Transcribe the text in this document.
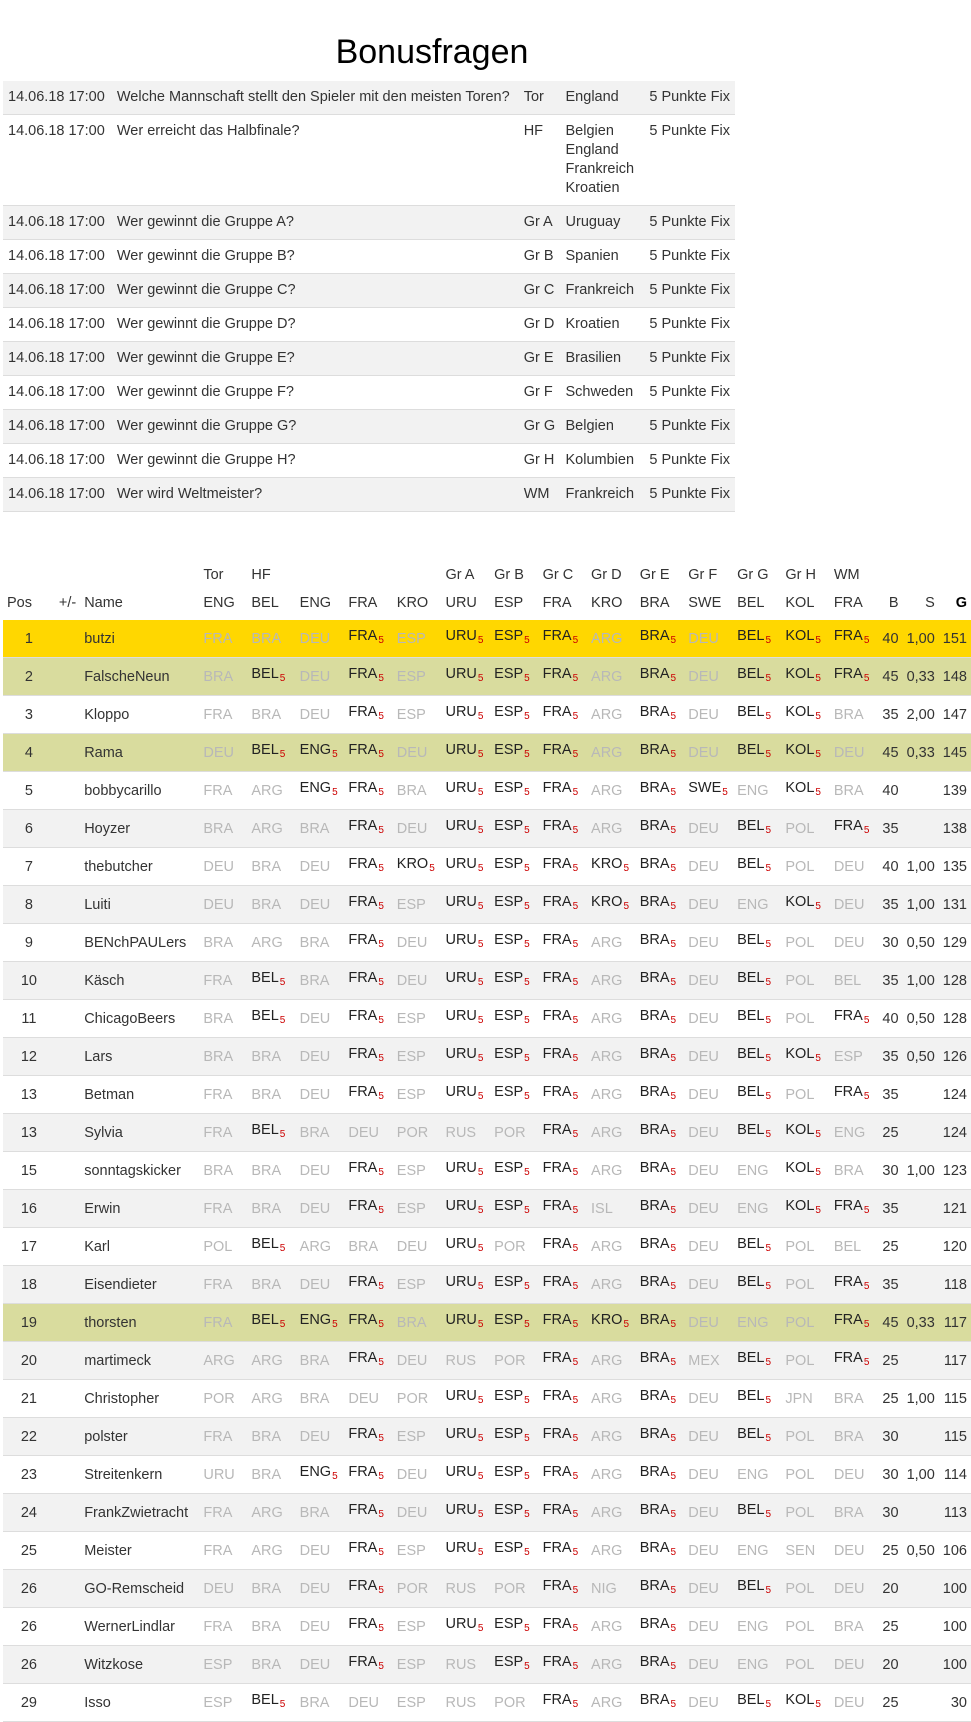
Bonusfragen
14.06.18 17:00	Welche Mannschaft stellt den Spieler mit den meisten Toren?	Tor	England	5 Punkte Fix
14.06.18 17:00	Wer erreicht das Halbfinale?	HF	Belgien
England
Frankreich
Kroatien	5 Punkte Fix
14.06.18 17:00	Wer gewinnt die Gruppe A?	Gr A	Uruguay	5 Punkte Fix
14.06.18 17:00	Wer gewinnt die Gruppe B?	Gr B	Spanien	5 Punkte Fix
14.06.18 17:00	Wer gewinnt die Gruppe C?	Gr C	Frankreich	5 Punkte Fix
14.06.18 17:00	Wer gewinnt die Gruppe D?	Gr D	Kroatien	5 Punkte Fix
14.06.18 17:00	Wer gewinnt die Gruppe E?	Gr E	Brasilien	5 Punkte Fix
14.06.18 17:00	Wer gewinnt die Gruppe F?	Gr F	Schweden	5 Punkte Fix
14.06.18 17:00	Wer gewinnt die Gruppe G?	Gr G	Belgien	5 Punkte Fix
14.06.18 17:00	Wer gewinnt die Gruppe H?	Gr H	Kolumbien	5 Punkte Fix
14.06.18 17:00	Wer wird Weltmeister?	WM	Frankreich	5 Punkte Fix
			Tor	HF				Gr A	Gr B	Gr C	Gr D	Gr E	Gr F	Gr G	Gr H	WM			
Pos	+/-	Name	ENG	BEL	ENG	FRA	KRO	URU	ESP	FRA	KRO	BRA	SWE	BEL	KOL	FRA	B	S	G
1		butzi	FRA	BRA	DEU	$FRA_5$	ESP	$URU_5$	$ESP_5$	$FRA_5$	ARG	$BRA_5$	DEU	$BEL_5$	$KOL_5$	$FRA_5$	40	1,00	151
2		FalscheNeun	BRA	$BEL_5$	DEU	$FRA_5$	ESP	$URU_5$	$ESP_5$	$FRA_5$	ARG	$BRA_5$	DEU	$BEL_5$	$KOL_5$	$FRA_5$	45	0,33	148
3		Kloppo	FRA	BRA	DEU	$FRA_5$	ESP	$URU_5$	$ESP_5$	$FRA_5$	ARG	$BRA_5$	DEU	$BEL_5$	$KOL_5$	BRA	35	2,00	147
4		Rama	DEU	$BEL_5$	$ENG_5$	$FRA_5$	DEU	$URU_5$	$ESP_5$	$FRA_5$	ARG	$BRA_5$	DEU	$BEL_5$	$KOL_5$	DEU	45	0,33	145
5		bobbycarillo	FRA	ARG	$ENG_5$	$FRA_5$	BRA	$URU_5$	$ESP_5$	$FRA_5$	ARG	$BRA_5$	$SWE_5$	ENG	$KOL_5$	BRA	40		139
6		Hoyzer	BRA	ARG	BRA	$FRA_5$	DEU	$URU_5$	$ESP_5$	$FRA_5$	ARG	$BRA_5$	DEU	$BEL_5$	POL	$FRA_5$	35		138
7		thebutcher	DEU	BRA	DEU	$FRA_5$	$KRO_5$	$URU_5$	$ESP_5$	$FRA_5$	$KRO_5$	$BRA_5$	DEU	$BEL_5$	POL	DEU	40	1,00	135
8		Luiti	DEU	BRA	DEU	$FRA_5$	ESP	$URU_5$	$ESP_5$	$FRA_5$	$KRO_5$	$BRA_5$	DEU	ENG	$KOL_5$	DEU	35	1,00	131
9		BENchPAULers	BRA	ARG	BRA	$FRA_5$	DEU	$URU_5$	$ESP_5$	$FRA_5$	ARG	$BRA_5$	DEU	$BEL_5$	POL	DEU	30	0,50	129
10		Käsch	FRA	$BEL_5$	BRA	$FRA_5$	DEU	$URU_5$	$ESP_5$	$FRA_5$	ARG	$BRA_5$	DEU	$BEL_5$	POL	BEL	35	1,00	128
11		ChicagoBeers	BRA	$BEL_5$	DEU	$FRA_5$	ESP	$URU_5$	$ESP_5$	$FRA_5$	ARG	$BRA_5$	DEU	$BEL_5$	POL	$FRA_5$	40	0,50	128
12		Lars	BRA	BRA	DEU	$FRA_5$	ESP	$URU_5$	$ESP_5$	$FRA_5$	ARG	$BRA_5$	DEU	$BEL_5$	$KOL_5$	ESP	35	0,50	126
13		Betman	FRA	BRA	DEU	$FRA_5$	ESP	$URU_5$	$ESP_5$	$FRA_5$	ARG	$BRA_5$	DEU	$BEL_5$	POL	$FRA_5$	35		124
13		Sylvia	FRA	$BEL_5$	BRA	DEU	POR	RUS	POR	$FRA_5$	ARG	$BRA_5$	DEU	$BEL_5$	$KOL_5$	ENG	25		124
15		sonntagskicker	BRA	BRA	DEU	$FRA_5$	ESP	$URU_5$	$ESP_5$	$FRA_5$	ARG	$BRA_5$	DEU	ENG	$KOL_5$	BRA	30	1,00	123
16		Erwin	FRA	BRA	DEU	$FRA_5$	ESP	$URU_5$	$ESP_5$	$FRA_5$	ISL	$BRA_5$	DEU	ENG	$KOL_5$	$FRA_5$	35		121
17		Karl	POL	$BEL_5$	ARG	BRA	DEU	$URU_5$	POR	$FRA_5$	ARG	$BRA_5$	DEU	$BEL_5$	POL	BEL	25		120
18		Eisendieter	FRA	BRA	DEU	$FRA_5$	ESP	$URU_5$	$ESP_5$	$FRA_5$	ARG	$BRA_5$	DEU	$BEL_5$	POL	$FRA_5$	35		118
19		thorsten	FRA	$BEL_5$	$ENG_5$	$FRA_5$	BRA	$URU_5$	$ESP_5$	$FRA_5$	$KRO_5$	$BRA_5$	DEU	ENG	POL	$FRA_5$	45	0,33	117
20		martimeck	ARG	ARG	BRA	$FRA_5$	DEU	RUS	POR	$FRA_5$	ARG	$BRA_5$	MEX	$BEL_5$	POL	$FRA_5$	25		117
21		Christopher	POR	ARG	BRA	DEU	POR	$URU_5$	$ESP_5$	$FRA_5$	ARG	$BRA_5$	DEU	$BEL_5$	JPN	BRA	25	1,00	115
22		polster	FRA	BRA	DEU	$FRA_5$	ESP	$URU_5$	$ESP_5$	$FRA_5$	ARG	$BRA_5$	DEU	$BEL_5$	POL	BRA	30		115
23		Streitenkern	URU	BRA	$ENG_5$	$FRA_5$	DEU	$URU_5$	$ESP_5$	$FRA_5$	ARG	$BRA_5$	DEU	ENG	POL	DEU	30	1,00	114
24		FrankZwietracht	FRA	ARG	BRA	$FRA_5$	DEU	$URU_5$	$ESP_5$	$FRA_5$	ARG	$BRA_5$	DEU	$BEL_5$	POL	BRA	30		113
25		Meister	FRA	ARG	DEU	$FRA_5$	ESP	$URU_5$	$ESP_5$	$FRA_5$	ARG	$BRA_5$	DEU	ENG	SEN	DEU	25	0,50	106
26		GO-Remscheid	DEU	BRA	DEU	$FRA_5$	POR	RUS	POR	$FRA_5$	NIG	$BRA_5$	DEU	$BEL_5$	POL	DEU	20		100
26		WernerLindlar	FRA	BRA	DEU	$FRA_5$	ESP	$URU_5$	$ESP_5$	$FRA_5$	ARG	$BRA_5$	DEU	ENG	POL	BRA	25		100
26		Witzkose	ESP	BRA	DEU	$FRA_5$	ESP	RUS	$ESP_5$	$FRA_5$	ARG	$BRA_5$	DEU	ENG	POL	DEU	20		100
29		Isso	ESP	$BEL_5$	BRA	DEU	ESP	RUS	POR	$FRA_5$	ARG	$BRA_5$	DEU	$BEL_5$	$KOL_5$	DEU	25		30
